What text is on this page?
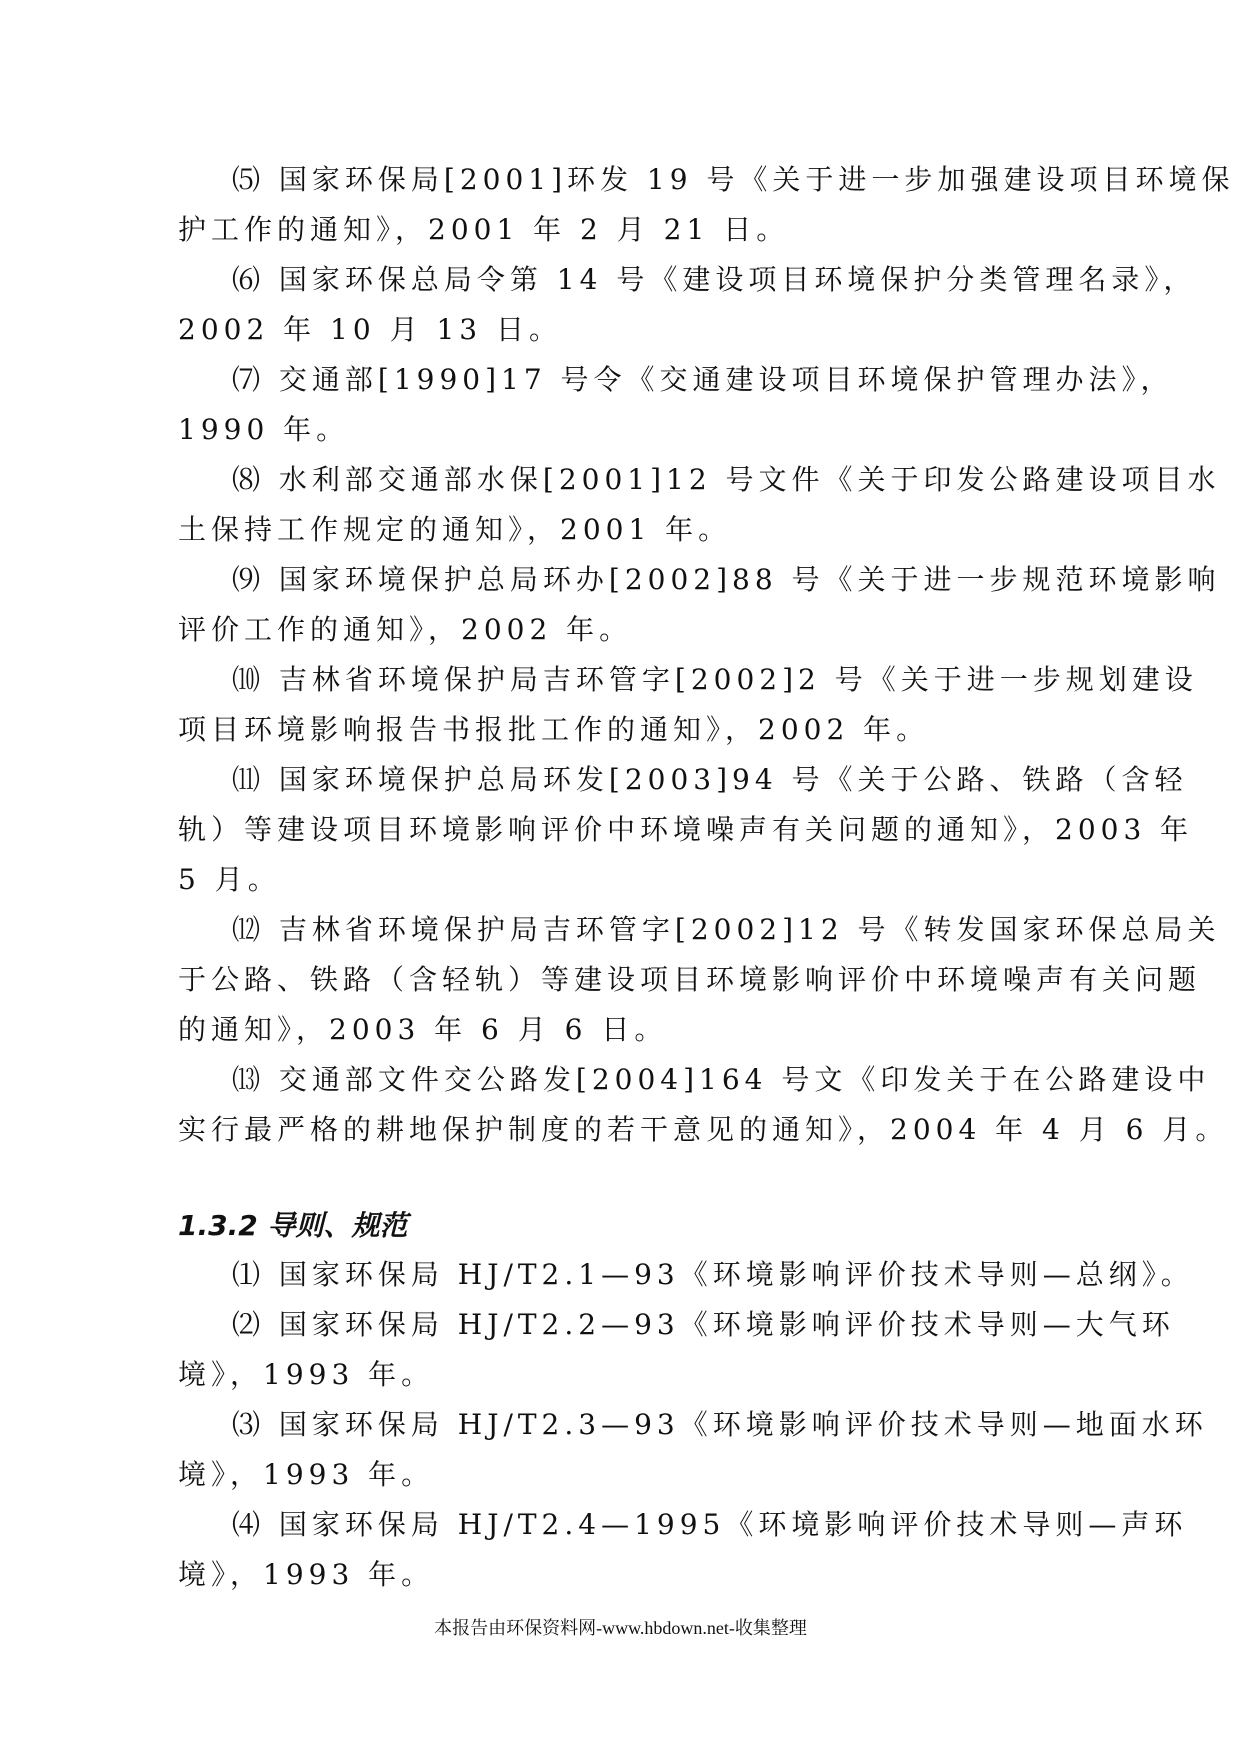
⑸ 国家环保局[2001]环发 19 号《关于进一步加强建设项目环境保
护工作的通知》，2001 年 2 月 21 日。
⑹ 国家环保总局令第 14 号《建设项目环境保护分类管理名录》，
2002 年 10 月 13 日。
⑺ 交通部[1990]17 号令《交通建设项目环境保护管理办法》，
1990 年。
⑻ 水利部交通部水保[2001]12 号文件《关于印发公路建设项目水
土保持工作规定的通知》，2001 年。
⑼ 国家环境保护总局环办[2002]88 号《关于进一步规范环境影响
评价工作的通知》，2002 年。
⑽ 吉林省环境保护局吉环管字[2002]2 号《关于进一步规划建设
项目环境影响报告书报批工作的通知》，2002 年。
⑾ 国家环境保护总局环发[2003]94 号《关于公路、铁路（含轻
轨）等建设项目环境影响评价中环境噪声有关问题的通知》，2003 年
5 月。
⑿ 吉林省环境保护局吉环管字[2002]12 号《转发国家环保总局关
于公路、铁路（含轻轨）等建设项目环境影响评价中环境噪声有关问题
的通知》，2003 年 6 月 6 日。
⒀ 交通部文件交公路发[2004]164 号文《印发关于在公路建设中
实行最严格的耕地保护制度的若干意见的通知》，2004 年 4 月 6 月。
1.3.2 导则、规范
⑴ 国家环保局 HJ/T2.1—93《环境影响评价技术导则—总纲》。
⑵ 国家环保局 HJ/T2.2—93《环境影响评价技术导则—大气环
境》，1993 年。
⑶ 国家环保局 HJ/T2.3—93《环境影响评价技术导则—地面水环
境》，1993 年。
⑷ 国家环保局 HJ/T2.4—1995《环境影响评价技术导则—声环
境》，1993 年。
本报告由环保资料网-www.hbdown.net-收集整理
